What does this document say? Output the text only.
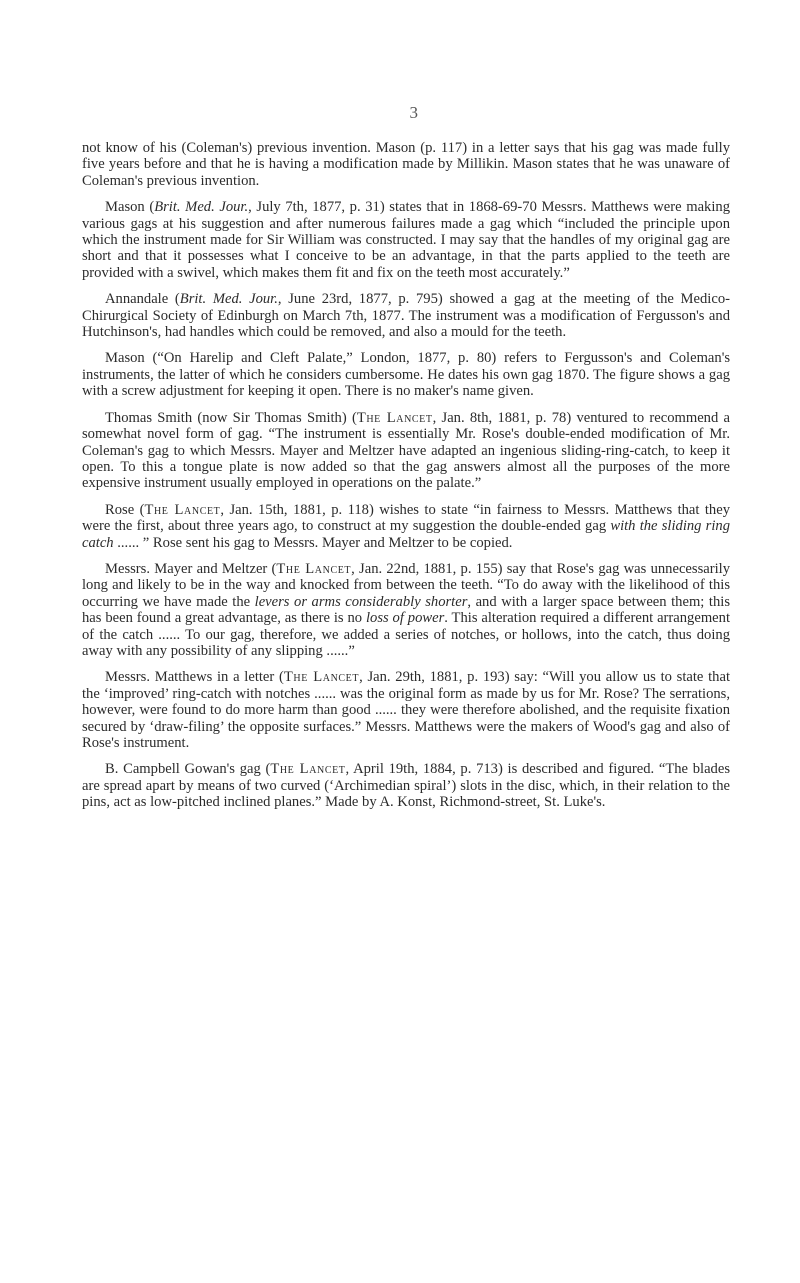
3

not know of his (Coleman's) previous invention. Mason (p. 117) in a letter says that his gag was made fully five years before and that he is having a modification made by Millikin. Mason states that he was unaware of Coleman's previous invention.

Mason (Brit. Med. Jour., July 7th, 1877, p. 31) states that in 1868-69-70 Messrs. Matthews were making various gags at his suggestion and after numerous failures made a gag which “included the principle upon which the instrument made for Sir William was constructed. I may say that the handles of my original gag are short and that it possesses what I conceive to be an advantage, in that the parts applied to the teeth are provided with a swivel, which makes them fit and fix on the teeth most accurately.”

Annandale (Brit. Med. Jour., June 23rd, 1877, p. 795) showed a gag at the meeting of the Medico-Chirurgical Society of Edinburgh on March 7th, 1877. The instrument was a modification of Fergusson's and Hutchinson's, had handles which could be removed, and also a mould for the teeth.

Mason (“On Harelip and Cleft Palate,” London, 1877, p. 80) refers to Fergusson's and Coleman's instruments, the latter of which he considers cumbersome. He dates his own gag 1870. The figure shows a gag with a screw adjustment for keeping it open. There is no maker's name given.

Thomas Smith (now Sir Thomas Smith) (The Lancet, Jan. 8th, 1881, p. 78) ventured to recommend a somewhat novel form of gag. “The instrument is essentially Mr. Rose's double-ended modification of Mr. Coleman's gag to which Messrs. Mayer and Meltzer have adapted an ingenious sliding-ring-catch, to keep it open. To this a tongue plate is now added so that the gag answers almost all the purposes of the more expensive instrument usually employed in operations on the palate.”

Rose (The Lancet, Jan. 15th, 1881, p. 118) wishes to state “in fairness to Messrs. Matthews that they were the first, about three years ago, to construct at my suggestion the double-ended gag with the sliding ring catch ...... ” Rose sent his gag to Messrs. Mayer and Meltzer to be copied.

Messrs. Mayer and Meltzer (The Lancet, Jan. 22nd, 1881, p. 155) say that Rose's gag was unnecessarily long and likely to be in the way and knocked from between the teeth. “To do away with the likelihood of this occurring we have made the levers or arms considerably shorter, and with a larger space between them; this has been found a great advantage, as there is no loss of power. This alteration required a different arrangement of the catch ...... To our gag, therefore, we added a series of notches, or hollows, into the catch, thus doing away with any possibility of any slipping ......”

Messrs. Matthews in a letter (The Lancet, Jan. 29th, 1881, p. 193) say: “Will you allow us to state that the ‘improved’ ring-catch with notches ...... was the original form as made by us for Mr. Rose? The serrations, however, were found to do more harm than good ...... they were therefore abolished, and the requisite fixation secured by ‘draw-filing’ the opposite surfaces.” Messrs. Matthews were the makers of Wood's gag and also of Rose's instrument.

B. Campbell Gowan's gag (The Lancet, April 19th, 1884, p. 713) is described and figured. “The blades are spread apart by means of two curved (‘Archimedian spiral’) slots in the disc, which, in their relation to the pins, act as low-pitched inclined planes.” Made by A. Konst, Richmond-street, St. Luke's.
